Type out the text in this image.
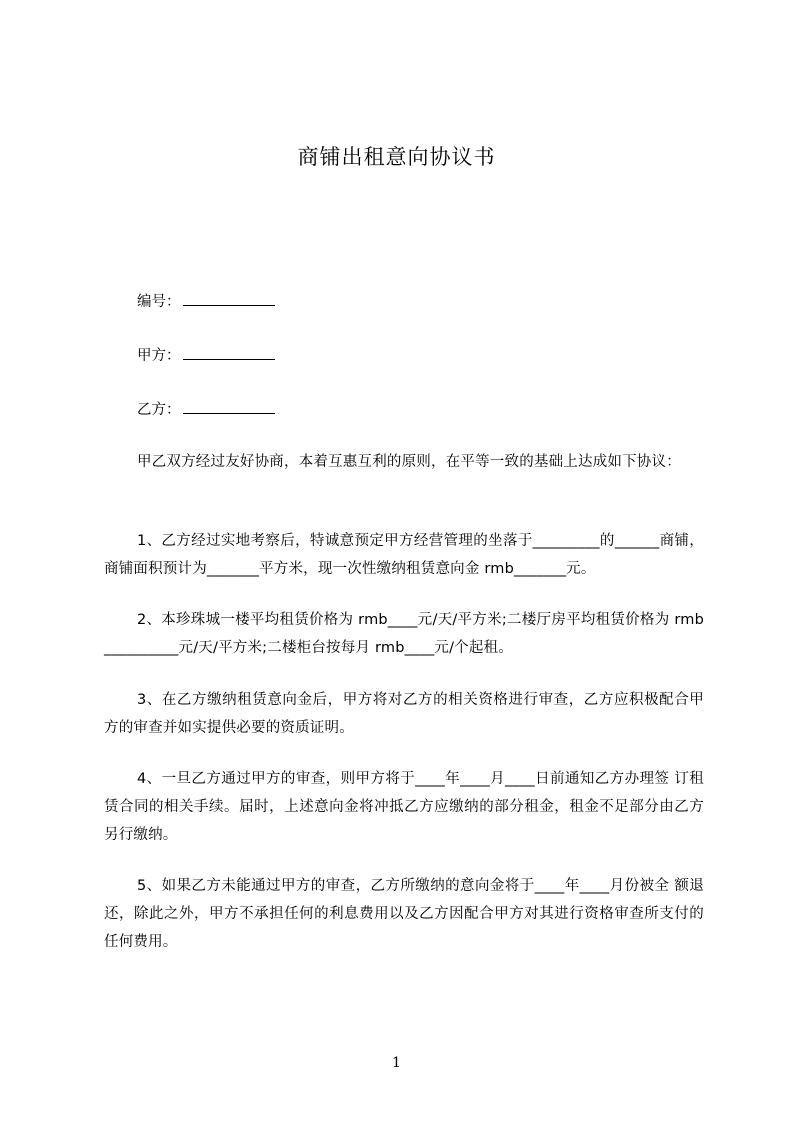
商铺出租意向协议书
编号：
甲方：
乙方：
甲乙双方经过友好协商，本着互惠互利的原则，在平等一致的基础上达成如下协议：
1、乙方经过实地考察后，特诚意预定甲方经营管理的坐落于_________的______商铺，商铺面积预计为_______平方米，现一次性缴纳租赁意向金 rmb_______元。
2、本珍珠城一楼平均租赁价格为 rmb____元/天/平方米;二楼厅房平均租赁价格为 rmb__________元/天/平方米;二楼柜台按每月 rmb____元/个起租。
3、在乙方缴纳租赁意向金后，甲方将对乙方的相关资格进行审查，乙方应积极配合甲 方的审查并如实提供必要的资质证明。
4、一旦乙方通过甲方的审查，则甲方将于____年____月____日前通知乙方办理签 订租赁合同的相关手续。届时，上述意向金将冲抵乙方应缴纳的部分租金，租金不足部分由乙方另行缴纳。
5、如果乙方未能通过甲方的审查，乙方所缴纳的意向金将于____年____月份被全 额退还，除此之外，甲方不承担任何的利息费用以及乙方因配合甲方对其进行资格审查所支付的任何费用。
1
